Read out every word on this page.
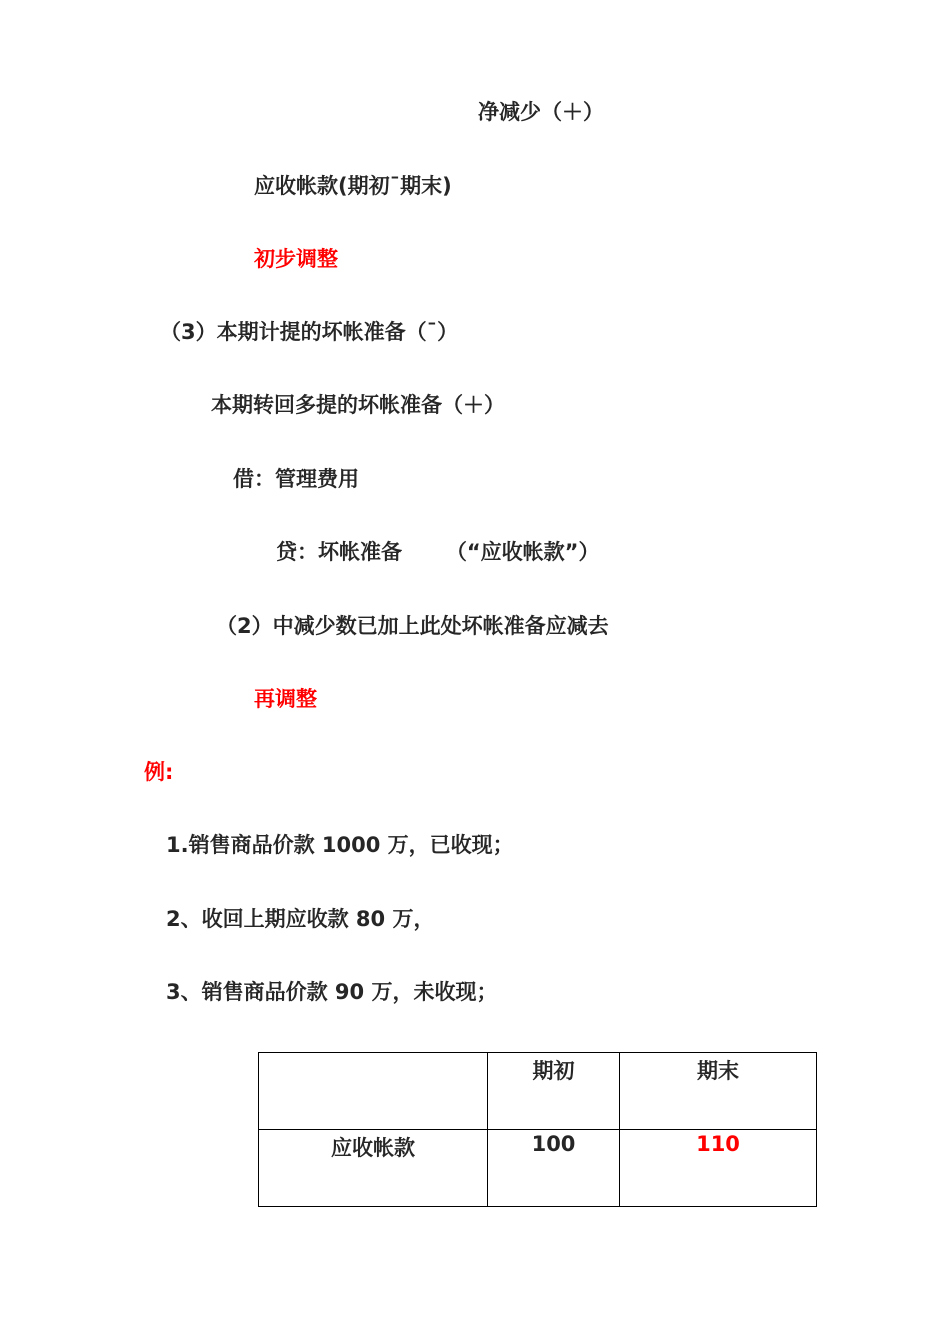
净减少（＋）
应收帐款(期初¯期末)
初步调整
（3）本期计提的坏帐准备（¯）
本期转回多提的坏帐准备（＋）
借：管理费用
贷：坏帐准备      （“应收帐款”）
（2）中减少数已加上此处坏帐准备应减去
再调整
例:
1.销售商品价款 1000 万，已收现；
2、收回上期应收款 80 万，
3、销售商品价款 90 万，未收现；
	期初	期末
应收帐款	100	110
